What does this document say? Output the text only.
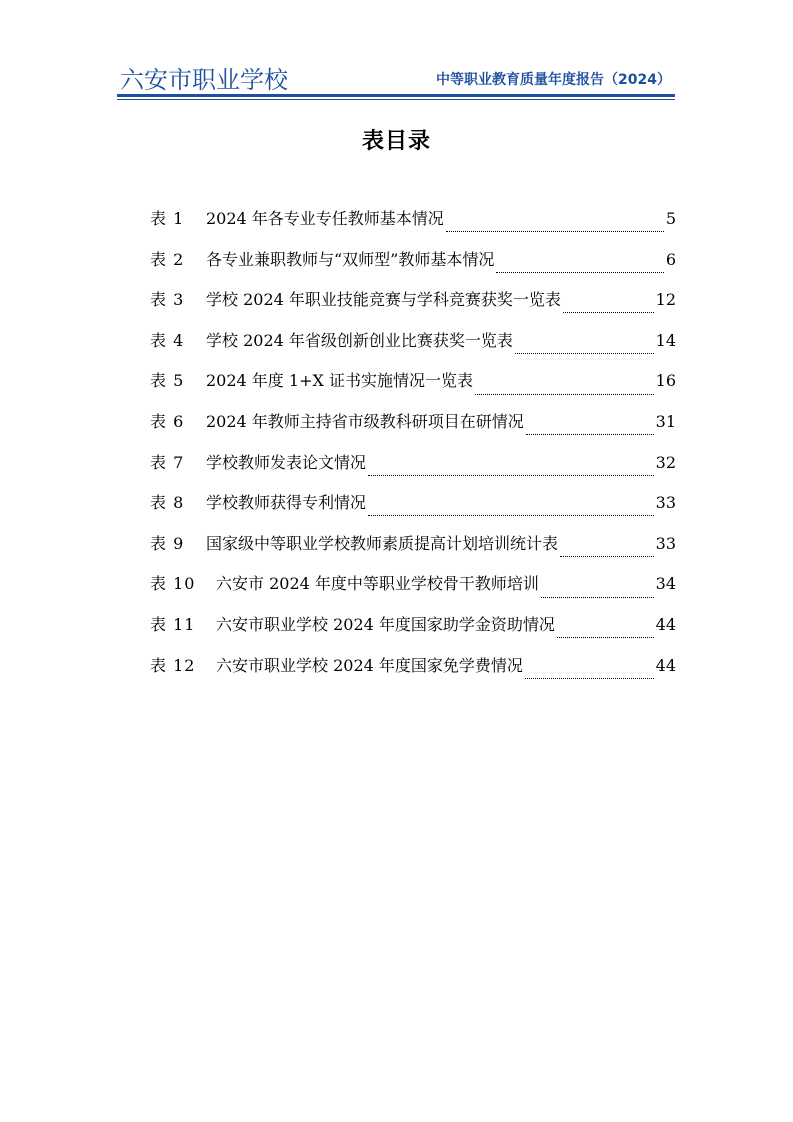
六安市职业学校	中等职业教育质量年度报告（2024）
表目录
表 1	2024 年各专业专任教师基本情况	5
表 2	各专业兼职教师与“双师型”教师基本情况	6
表 3	学校 2024 年职业技能竞赛与学科竞赛获奖一览表	12
表 4	学校 2024 年省级创新创业比赛获奖一览表	14
表 5	2024 年度 1+X 证书实施情况一览表	16
表 6	2024 年教师主持省市级教科研项目在研情况	31
表 7	学校教师发表论文情况	32
表 8	学校教师获得专利情况	33
表 9	国家级中等职业学校教师素质提高计划培训统计表	33
表 10	六安市 2024 年度中等职业学校骨干教师培训	34
表 11	六安市职业学校 2024 年度国家助学金资助情况	44
表 12	六安市职业学校 2024 年度国家免学费情况	44
